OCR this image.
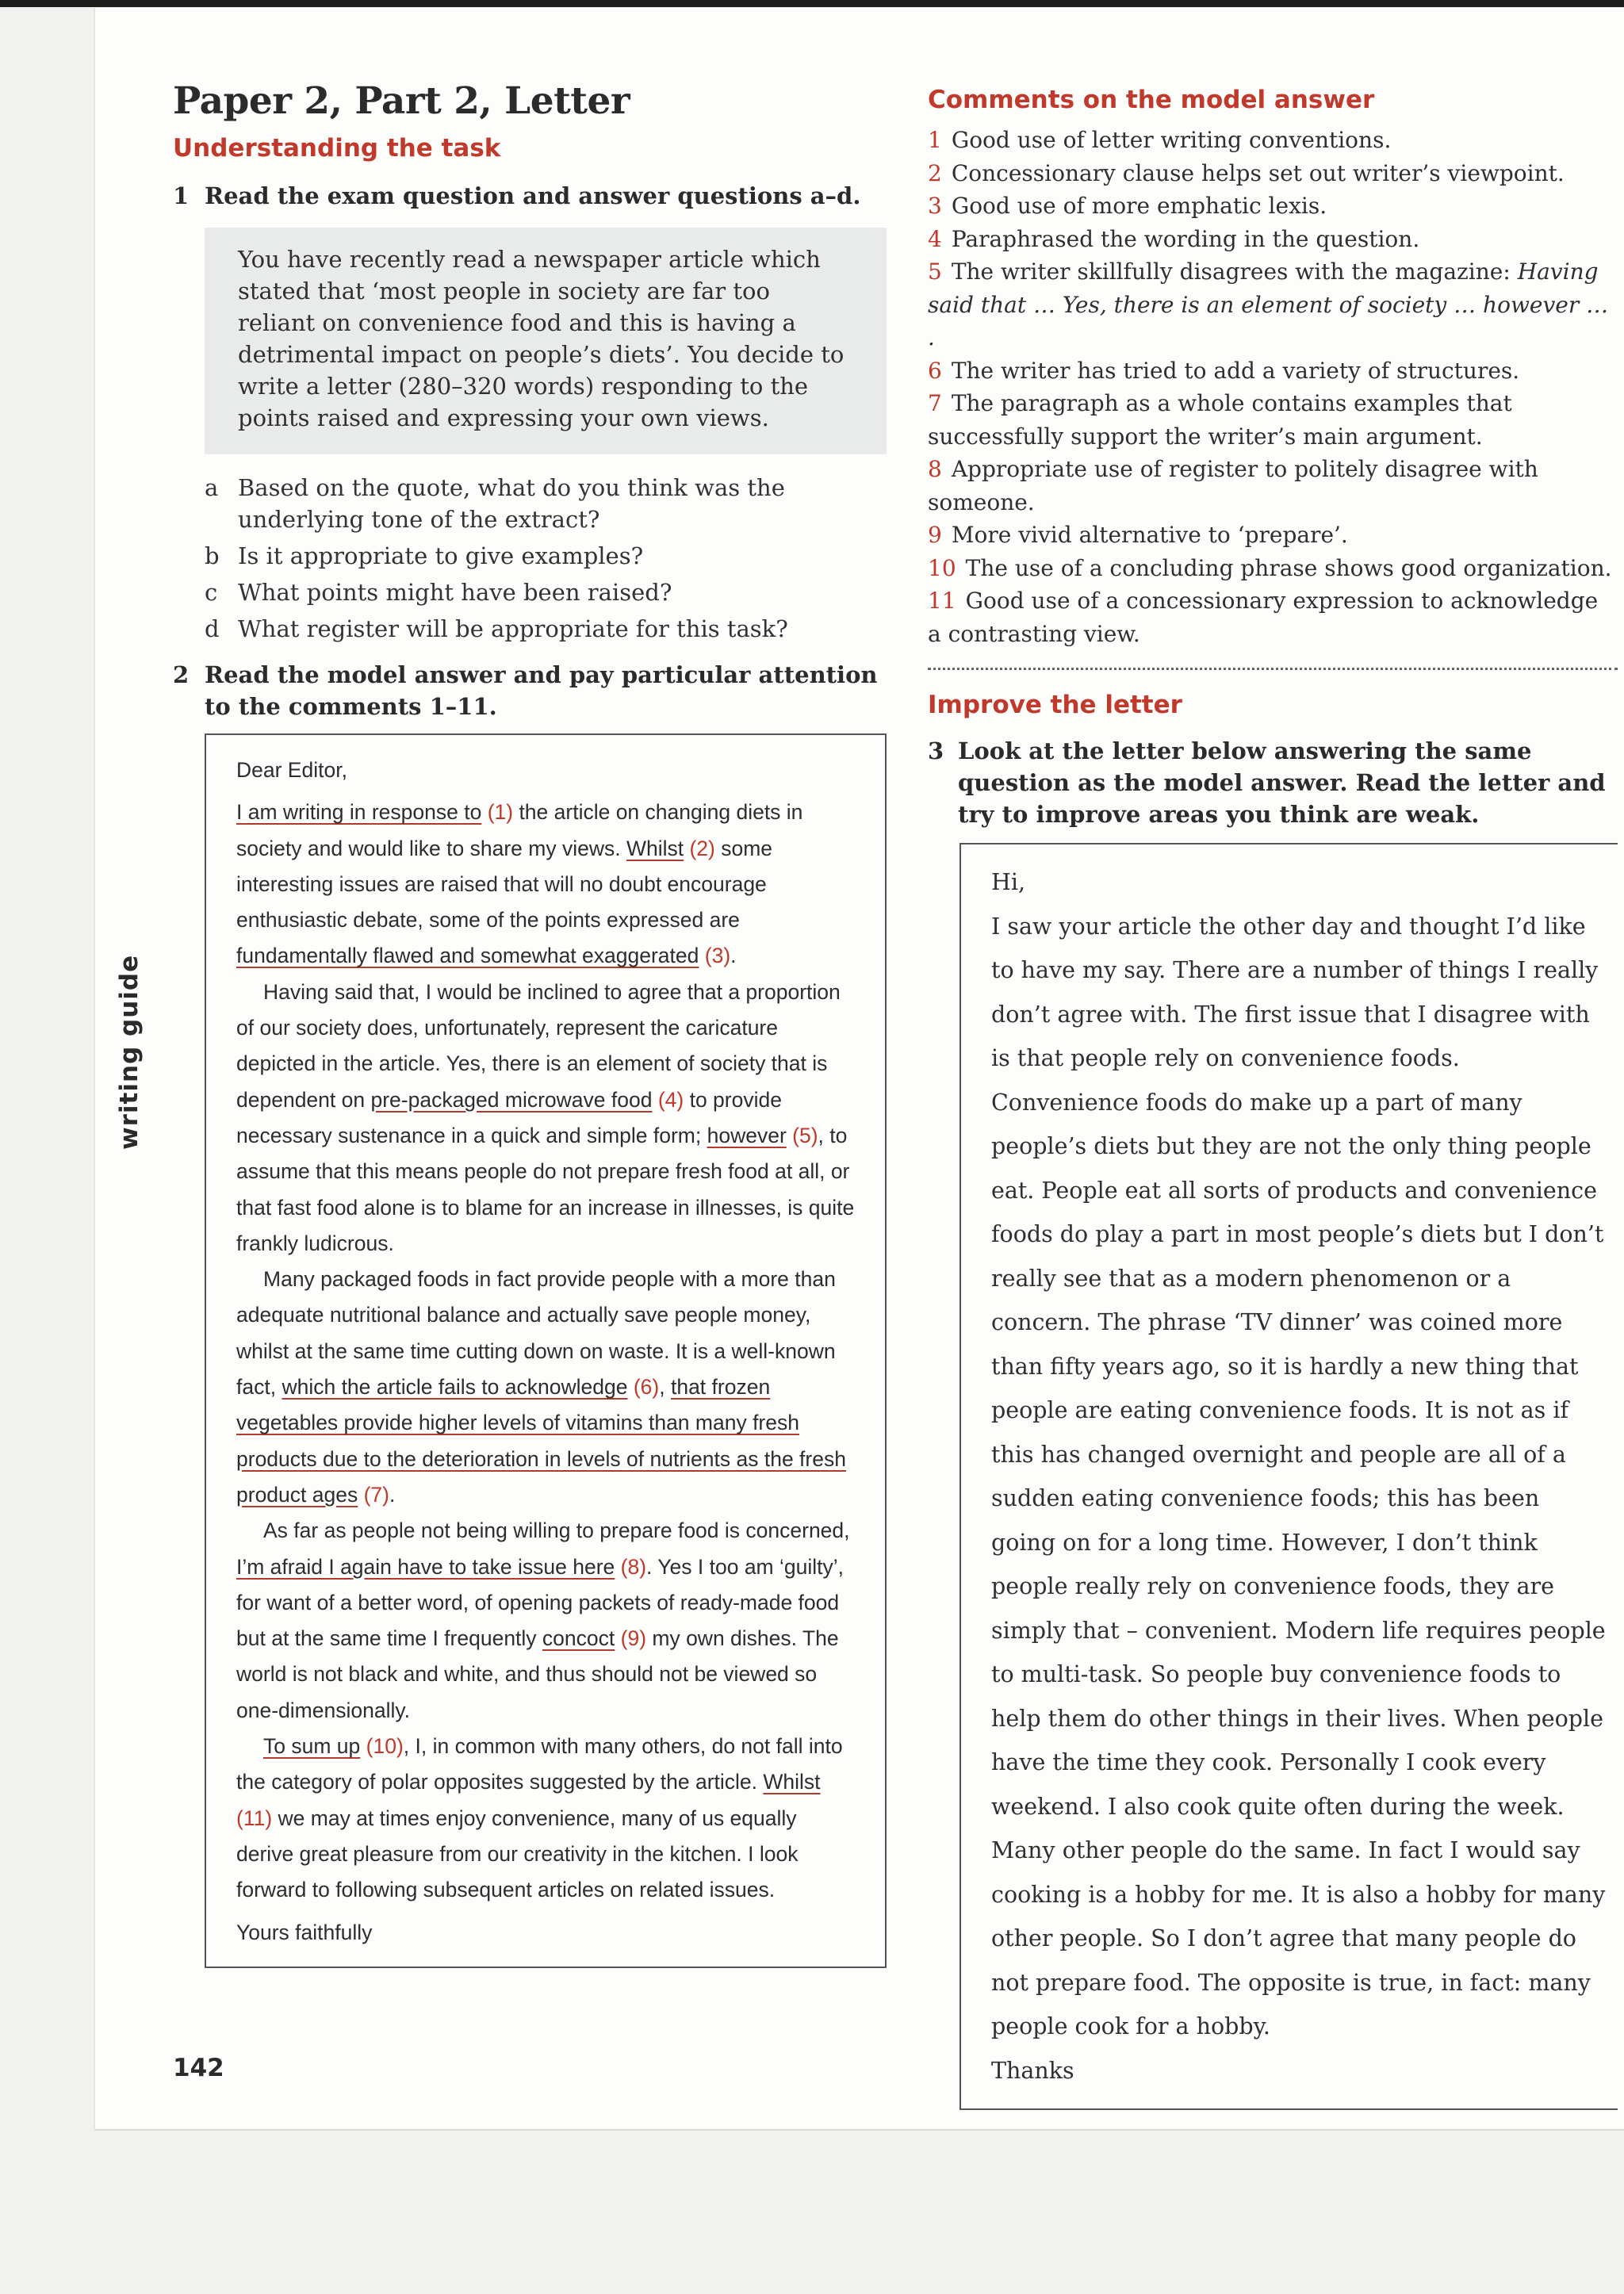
writing guide
Paper 2, Part 2, Letter
Understanding the task
1 Read the exam question and answer questions a–d.
You have recently read a newspaper article which stated that ‘most people in society are far too reliant on convenience food and this is having a detrimental impact on people’s diets’. You decide to write a letter (280–320 words) responding to the points raised and expressing your own views.
a Based on the quote, what do you think was the underlying tone of the extract?
b Is it appropriate to give examples?
c What points might have been raised?
d What register will be appropriate for this task?
2 Read the model answer and pay particular attention to the comments 1–11.

Dear Editor,

I am writing in response to (1) the article on changing diets in society and would like to share my views. Whilst (2) some interesting issues are raised that will no doubt encourage enthusiastic debate, some of the points expressed are fundamentally flawed and somewhat exaggerated (3).

Having said that, I would be inclined to agree that a proportion of our society does, unfortunately, represent the caricature depicted in the article. Yes, there is an element of society that is dependent on pre-packaged microwave food (4) to provide necessary sustenance in a quick and simple form; however (5), to assume that this means people do not prepare fresh food at all, or that fast food alone is to blame for an increase in illnesses, is quite frankly ludicrous.

Many packaged foods in fact provide people with a more than adequate nutritional balance and actually save people money, whilst at the same time cutting down on waste. It is a well-known fact, which the article fails to acknowledge (6), that frozen vegetables provide higher levels of vitamins than many fresh products due to the deterioration in levels of nutrients as the fresh product ages (7).

As far as people not being willing to prepare food is concerned, I’m afraid I again have to take issue here (8). Yes I too am ‘guilty’, for want of a better word, of opening packets of ready-made food but at the same time I frequently concoct (9) my own dishes. The world is not black and white, and thus should not be viewed so one-dimensionally.

To sum up (10), I, in common with many others, do not fall into the category of polar opposites suggested by the article. Whilst (11) we may at times enjoy convenience, many of us equally derive great pleasure from our creativity in the kitchen. I look forward to following subsequent articles on related issues.

Yours faithfully

142
Comments on the model answer
1 Good use of letter writing conventions.
2 Concessionary clause helps set out writer’s viewpoint.
3 Good use of more emphatic lexis.
4 Paraphrased the wording in the question.
5 The writer skillfully disagrees with the magazine: Having said that … Yes, there is an element of society … however … .
6 The writer has tried to add a variety of structures.
7 The paragraph as a whole contains examples that successfully support the writer’s main argument.
8 Appropriate use of register to politely disagree with someone.
9 More vivid alternative to ‘prepare’.
10 The use of a concluding phrase shows good organization.
11 Good use of a concessionary expression to acknowledge a contrasting view.
Improve the letter
3 Look at the letter below answering the same question as the model answer. Read the letter and try to improve areas you think are weak.

Hi,

I saw your article the other day and thought I’d like to have my say. There are a number of things I really don’t agree with. The first issue that I disagree with is that people rely on convenience foods. Convenience foods do make up a part of many people’s diets but they are not the only thing people eat. People eat all sorts of products and convenience foods do play a part in most people’s diets but I don’t really see that as a modern phenomenon or a concern. The phrase ‘TV dinner’ was coined more than fifty years ago, so it is hardly a new thing that people are eating convenience foods. It is not as if this has changed overnight and people are all of a sudden eating convenience foods; this has been going on for a long time. However, I don’t think people really rely on convenience foods, they are simply that – convenient. Modern life requires people to multi-task. So people buy convenience foods to help them do other things in their lives. When people have the time they cook. Personally I cook every weekend. I also cook quite often during the week. Many other people do the same. In fact I would say cooking is a hobby for me. It is also a hobby for many other people. So I don’t agree that many people do not prepare food. The opposite is true, in fact: many people cook for a hobby.

Thanks
